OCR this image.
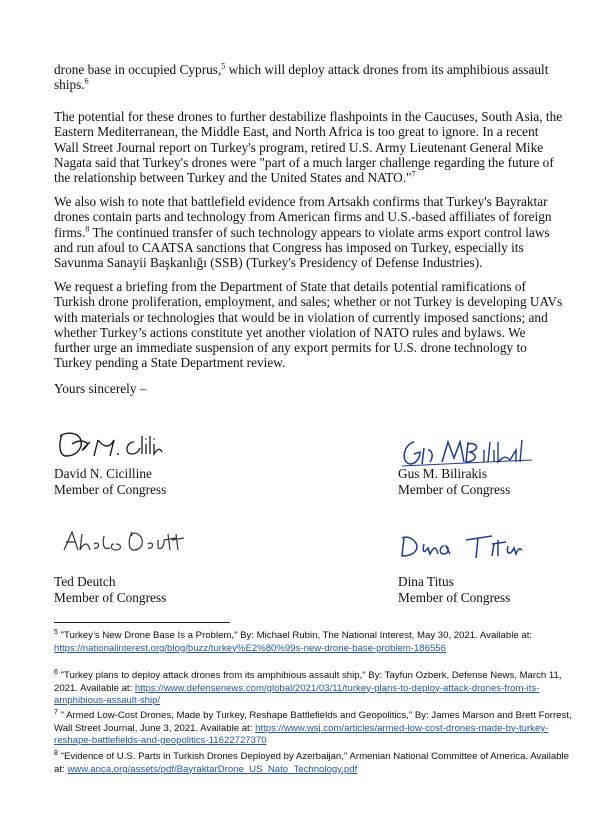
drone base in occupied Cyprus,$^5$ which will deploy attack drones from its amphibious assault ships.$^6$

The potential for these drones to further destabilize flashpoints in the Caucuses, South Asia, the Eastern Mediterranean, the Middle East, and North Africa is too great to ignore. In a recent Wall Street Journal report on Turkey's program, retired U.S. Army Lieutenant General Mike Nagata said that Turkey's drones were "part of a much larger challenge regarding the future of the relationship between Turkey and the United States and NATO."$^7$

We also wish to note that battlefield evidence from Artsakh confirms that Turkey's Bayraktar drones contain parts and technology from American firms and U.S.-based affiliates of foreign firms.$^8$ The continued transfer of such technology appears to violate arms export control laws and run afoul to CAATSA sanctions that Congress has imposed on Turkey, especially its Savunma Sanayii Başkanlığı (SSB) (Turkey's Presidency of Defense Industries).

We request a briefing from the Department of State that details potential ramifications of Turkish drone proliferation, employment, and sales; whether or not Turkey is developing UAVs with materials or technologies that would be in violation of currently imposed sanctions; and whether Turkey’s actions constitute yet another violation of NATO rules and bylaws. We further urge an immediate suspension of any export permits for U.S. drone technology to Turkey pending a State Department review.

Yours sincerely –

David N. Cicilline
Member of Congress
Gus M. Bilirakis
Member of Congress
Ted Deutch
Member of Congress
Dina Titus
Member of Congress
$^5$ "Turkey’s New Drone Base Is a Problem," By: Michael Rubin, The National Interest, May 30, 2021. Available at: https://nationalinterest.org/blog/buzz/turkey%E2%80%99s-new-drone-base-problem-186556
$^6$ "Turkey plans to deploy attack drones from its amphibious assault ship," By: Tayfun Ozberk, Defense News, March 11, 2021. Available at: https://www.defensenews.com/global/2021/03/11/turkey-plans-to-deploy-attack-drones-from-its-amphibious-assault-ship/
$^7$ " Armed Low-Cost Drones, Made by Turkey, Reshape Battlefields and Geopolitics," By: James Marson and Brett Forrest, Wall Street Journal, June 3, 2021. Available at: https://www.wsj.com/articles/armed-low-cost-drones-made-by-turkey-reshape-battlefields-and-geopolitics-11622727370
$^8$ "Evidence of U.S. Parts in Turkish Drones Deployed by Azerbaijan," Armenian National Committee of America. Available at: www.anca.org/assets/pdf/BayraktarDrone_US_Nato_Technology.pdf
